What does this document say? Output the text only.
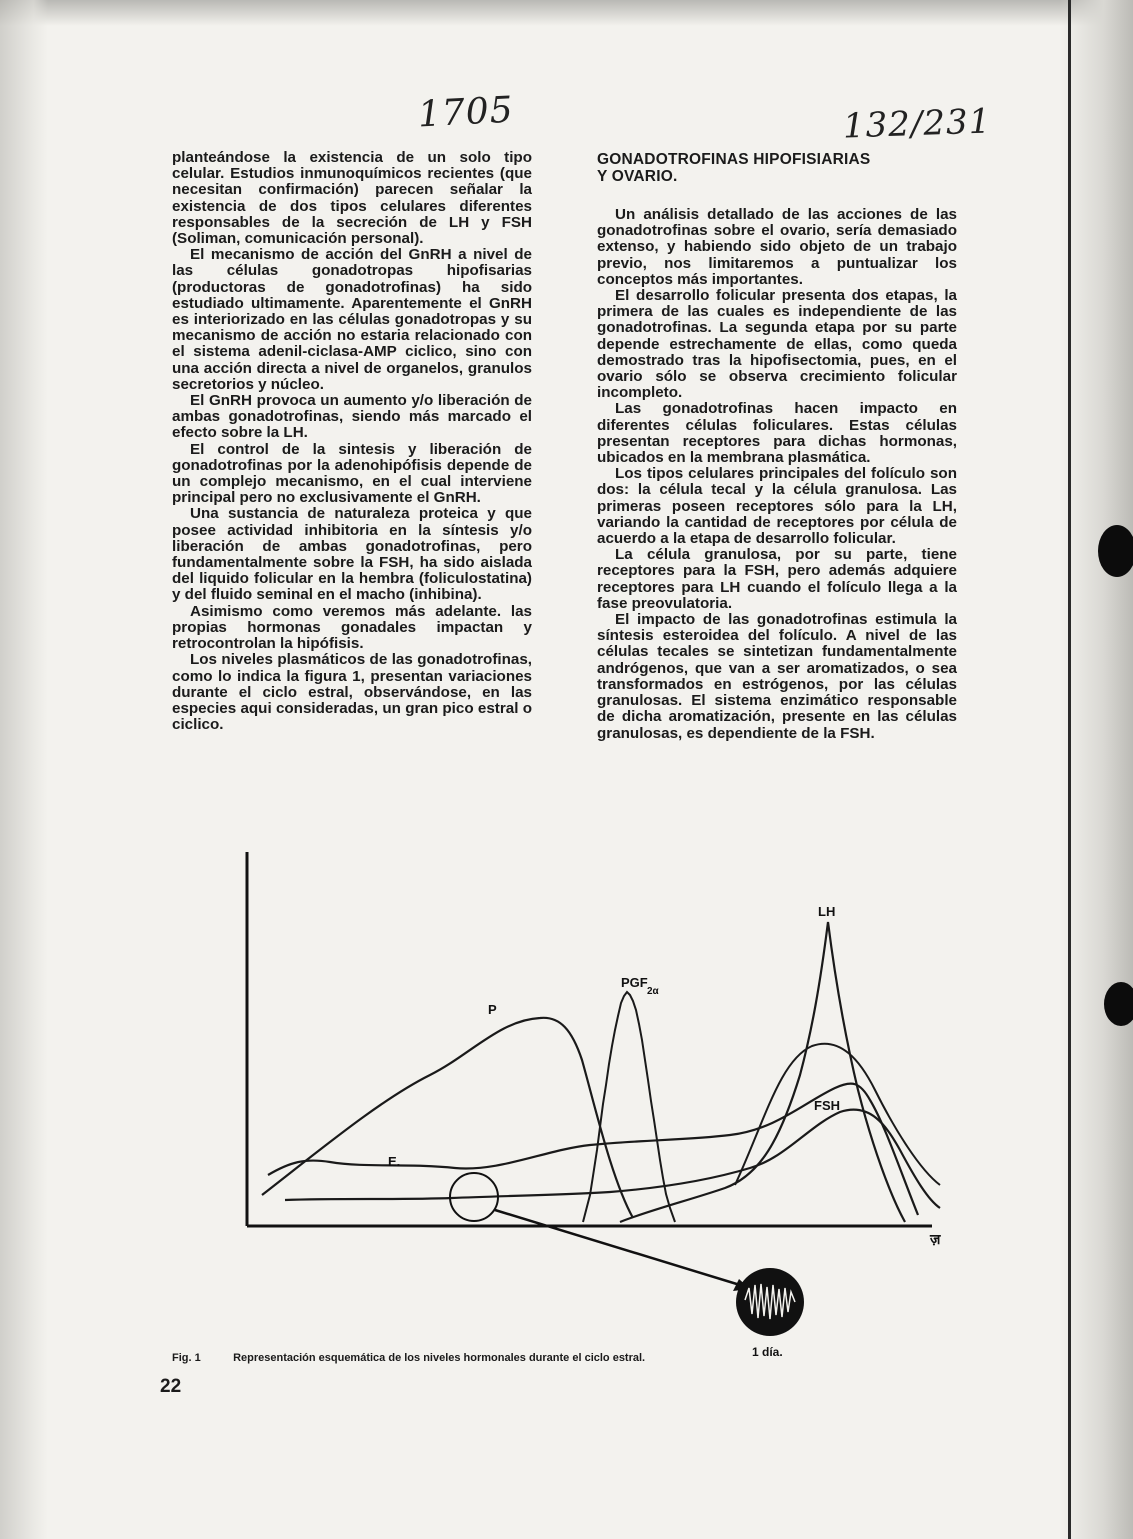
1705	132/231

planteándose la existencia de un solo tipo celular. Estudios inmunoquímicos recientes (que necesitan confirmación) parecen señalar la existencia de dos tipos celulares diferentes responsables de la secreción de LH y FSH (Soliman, comunicación personal).

El mecanismo de acción del GnRH a nivel de las células gonadotropas hipofisarias (productoras de gonadotrofinas) ha sido estudiado ultimamente. Aparentemente el GnRH es interiorizado en las células gonadotropas y su mecanismo de acción no estaria relacionado con el sistema adenil-ciclasa-AMP ciclico, sino con una acción directa a nivel de organelos, granulos secretorios y núcleo.

El GnRH provoca un aumento y/o liberación de ambas gonadotrofinas, siendo más marcado el efecto sobre la LH.

El control de la sintesis y liberación de gonadotrofinas por la adenohipófisis depende de un complejo mecanismo, en el cual interviene principal pero no exclusivamente el GnRH.

Una sustancia de naturaleza proteica y que posee actividad inhibitoria en la síntesis y/o liberación de ambas gonadotrofinas, pero fundamentalmente sobre la FSH, ha sido aislada del liquido folicular en la hembra (foliculostatina) y del fluido seminal en el macho (inhibina).

Asimismo como veremos más adelante. las propias hormonas gonadales impactan y retrocontrolan la hipófisis.

Los niveles plasmáticos de las gonadotrofinas, como lo indica la figura 1, presentan variaciones durante el ciclo estral, observándose, en las especies aqui consideradas, un gran pico estral o ciclico.

GONADOTROFINAS HIPOFISIARIAS
Y OVARIO.

Un análisis detallado de las acciones de las gonadotrofinas sobre el ovario, sería demasiado extenso, y habiendo sido objeto de un trabajo previo, nos limitaremos a puntualizar los conceptos más importantes.

El desarrollo folicular presenta dos etapas, la primera de las cuales es independiente de las gonadotrofinas. La segunda etapa por su parte depende estrechamente de ellas, como queda demostrado tras la hipofisectomia, pues, en el ovario sólo se observa crecimiento folicular incompleto.

Las gonadotrofinas hacen impacto en diferentes células foliculares. Estas células presentan receptores para dichas hormonas, ubicados en la membrana plasmática.

Los tipos celulares principales del folículo son dos: la célula tecal y la célula granulosa. Las primeras poseen receptores sólo para la LH, variando la cantidad de receptores por célula de acuerdo a la etapa de desarrollo folicular.

La célula granulosa, por su parte, tiene receptores para la FSH, pero además adquiere receptores para LH cuando el folículo llega a la fase preovulatoria.

El impacto de las gonadotrofinas estimula la síntesis esteroidea del folículo. A nivel de las células tecales se sintetizan fundamentalmente andrógenos, que van a ser aromatizados, o sea transformados en estrógenos, por las células granulosas. El sistema enzimático responsable de dicha aromatización, presente en las células granulosas, es dependiente de la FSH.

P
E.
PGF
2α
LH
FSH
ज़
1 día.
Fig. 1	Representación esquemática de los niveles hormonales durante el ciclo estral.
22
